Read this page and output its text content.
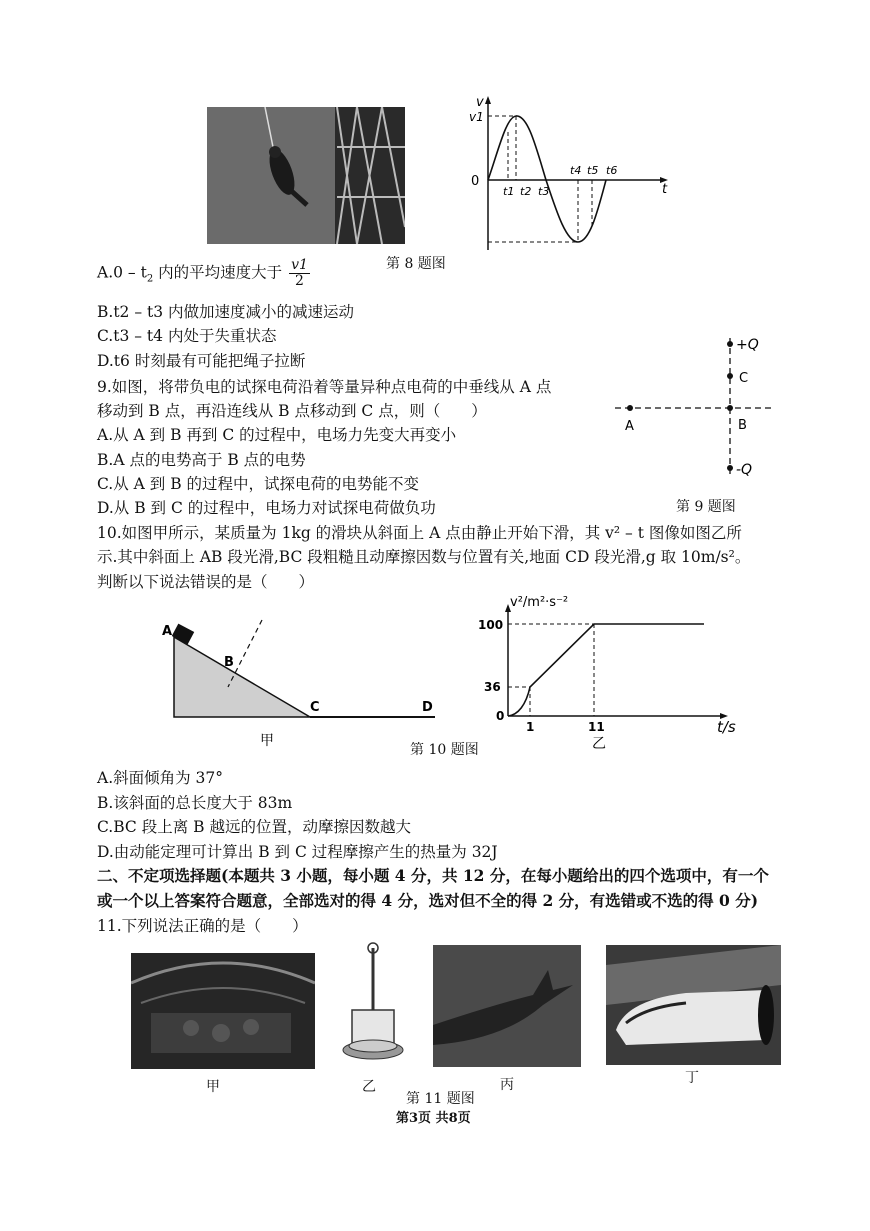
v
v1
0
t
t1 t2 t3
t4 t5 t6
$A.0 - t_2$ 内的平均速度大于 $\frac{v1}{2}$	第 8 题图
B.t2 – t3 内做加速度减小的减速运动
C.t3 – t4 内处于失重状态
D.t6 时刻最有可能把绳子拉断
9.如图，将带负电的试探电荷沿着等量异种点电荷的中垂线从 A 点
移动到 B 点，再沿连线从 B 点移动到 C 点，则（　　）
A.从 A 到 B 再到 C 的过程中，电场力先变大再变小
B.A 点的电势高于 B 点的电势
C.从 A 到 B 的过程中，试探电荷的电势能不变
D.从 B 到 C 的过程中，电场力对试探电荷做负功
+Q
-Q
A	B
C
第 9 题图
10.如图甲所示，某质量为 1kg 的滑块从斜面上 A 点由静止开始下滑，其 v² – t 图像如图乙所
示.其中斜面上 AB 段光滑,BC 段粗糙且动摩擦因数与位置有关,地面 CD 段光滑,g 取 10m/s²。
判断以下说法错误的是（　　）
A
B
C	D
甲
v²/m²·s⁻²
100
36
0
1	11	t/s
乙
第 10 题图
A.斜面倾角为 37°
B.该斜面的总长度大于 83m
C.BC 段上离 B 越远的位置，动摩擦因数越大
D.由动能定理可计算出 B 到 C 过程摩擦产生的热量为 32J
二、不定项选择题(本题共 3 小题，每小题 4 分，共 12 分，在每小题给出的四个选项中，有一个
或一个以上答案符合题意，全部选对的得 4 分，选对但不全的得 2 分，有选错或不选的得 0 分)
11.下列说法正确的是（　　）
甲	乙	丙	丁
第 11 题图
第3页 共8页
